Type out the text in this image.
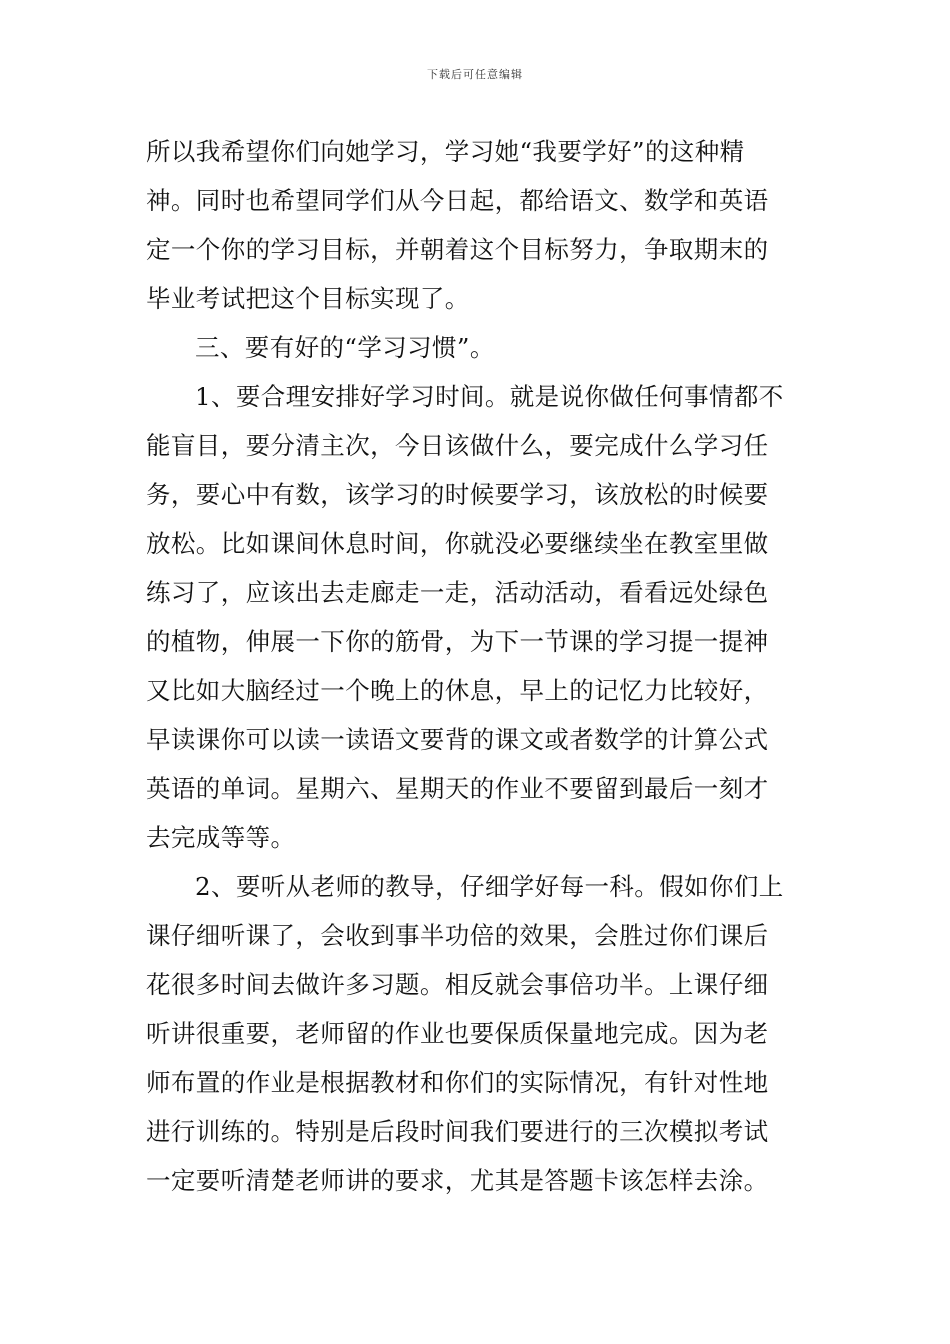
下载后可任意编辑
所以我希望你们向她学习，学习她“我要学好”的这种精
神。同时也希望同学们从今日起，都给语文、数学和英语
定一个你的学习目标，并朝着这个目标努力，争取期末的
毕业考试把这个目标实现了。
三、要有好的“学习习惯”。
1、要合理安排好学习时间。就是说你做任何事情都不
能盲目，要分清主次，今日该做什么，要完成什么学习任
务，要心中有数，该学习的时候要学习，该放松的时候要
放松。比如课间休息时间，你就没必要继续坐在教室里做
练习了，应该出去走廊走一走，活动活动，看看远处绿色
的植物，伸展一下你的筋骨，为下一节课的学习提一提神
又比如大脑经过一个晚上的休息，早上的记忆力比较好，
早读课你可以读一读语文要背的课文或者数学的计算公式
英语的单词。星期六、星期天的作业不要留到最后一刻才
去完成等等。
2、要听从老师的教导，仔细学好每一科。假如你们上
课仔细听课了，会收到事半功倍的效果，会胜过你们课后
花很多时间去做许多习题。相反就会事倍功半。上课仔细
听讲很重要，老师留的作业也要保质保量地完成。因为老
师布置的作业是根据教材和你们的实际情况，有针对性地
进行训练的。特别是后段时间我们要进行的三次模拟考试
一定要听清楚老师讲的要求，尤其是答题卡该怎样去涂。
